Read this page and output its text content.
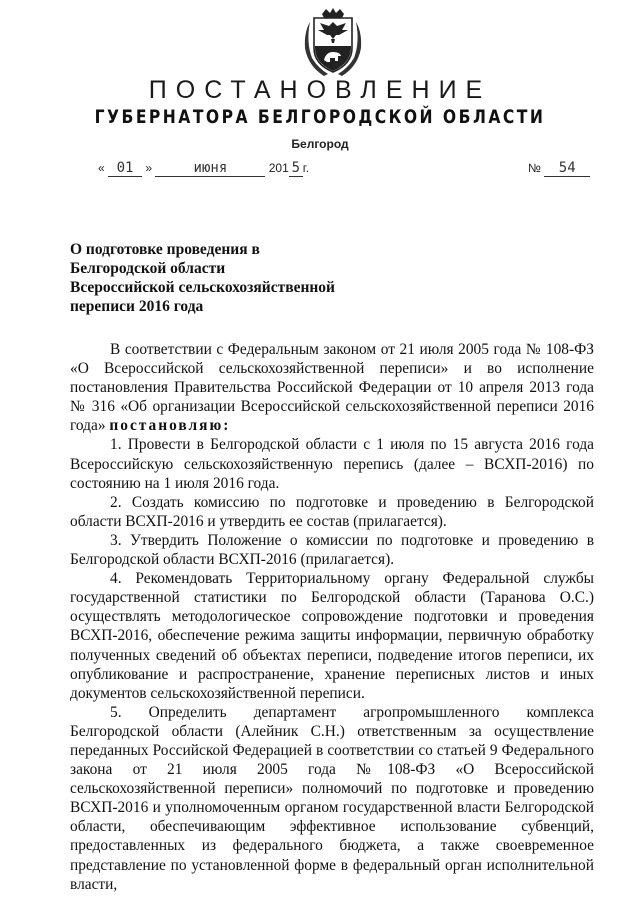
ПОСТАНОВЛЕНИЕ
ГУБЕРНАТОРА БЕЛГОРОДСКОЙ ОБЛАСТИ
Белгород
« 01 »	июня	201 5 г.	№ 54
О подготовке проведения в
Белгородской области
Всероссийской сельскохозяйственной
переписи 2016 года

В соответствии с Федеральным законом от 21 июля 2005 года № 108-ФЗ «О Всероссийской сельскохозяйственной переписи» и во исполнение постановления Правительства Российской Федерации от 10 апреля 2013 года № 316 «Об организации Всероссийской сельскохозяйственной переписи 2016 года» постановляю:

1. Провести в Белгородской области с 1 июля по 15 августа 2016 года Всероссийскую сельскохозяйственную перепись (далее – ВСХП-2016) по состоянию на 1 июля 2016 года.

2. Создать комиссию по подготовке и проведению в Белгородской области ВСХП-2016 и утвердить ее состав (прилагается).

3. Утвердить Положение о комиссии по подготовке и проведению в Белгородской области ВСХП-2016 (прилагается).

4. Рекомендовать Территориальному органу Федеральной службы государственной статистики по Белгородской области (Таранова О.С.) осуществлять методологическое сопровождение подготовки и проведения ВСХП-2016, обеспечение режима защиты информации, первичную обработку полученных сведений об объектах переписи, подведение итогов переписи, их опубликование и распространение, хранение переписных листов и иных документов сельскохозяйственной переписи.

5. Определить департамент агропромышленного комплекса Белгородской области (Алейник С.Н.) ответственным за осуществление переданных Российской Федерацией в соответствии со статьей 9 Федерального закона от 21 июля 2005 года №108-ФЗ «О Всероссийской сельскохозяйственной переписи» полномочий по подготовке и проведению ВСХП-2016 и уполномоченным органом государственной власти Белгородской области, обеспечивающим эффективное использование субвенций, предоставленных из федерального бюджета, а также своевременное представление по установленной форме в федеральный орган исполнительной власти,
